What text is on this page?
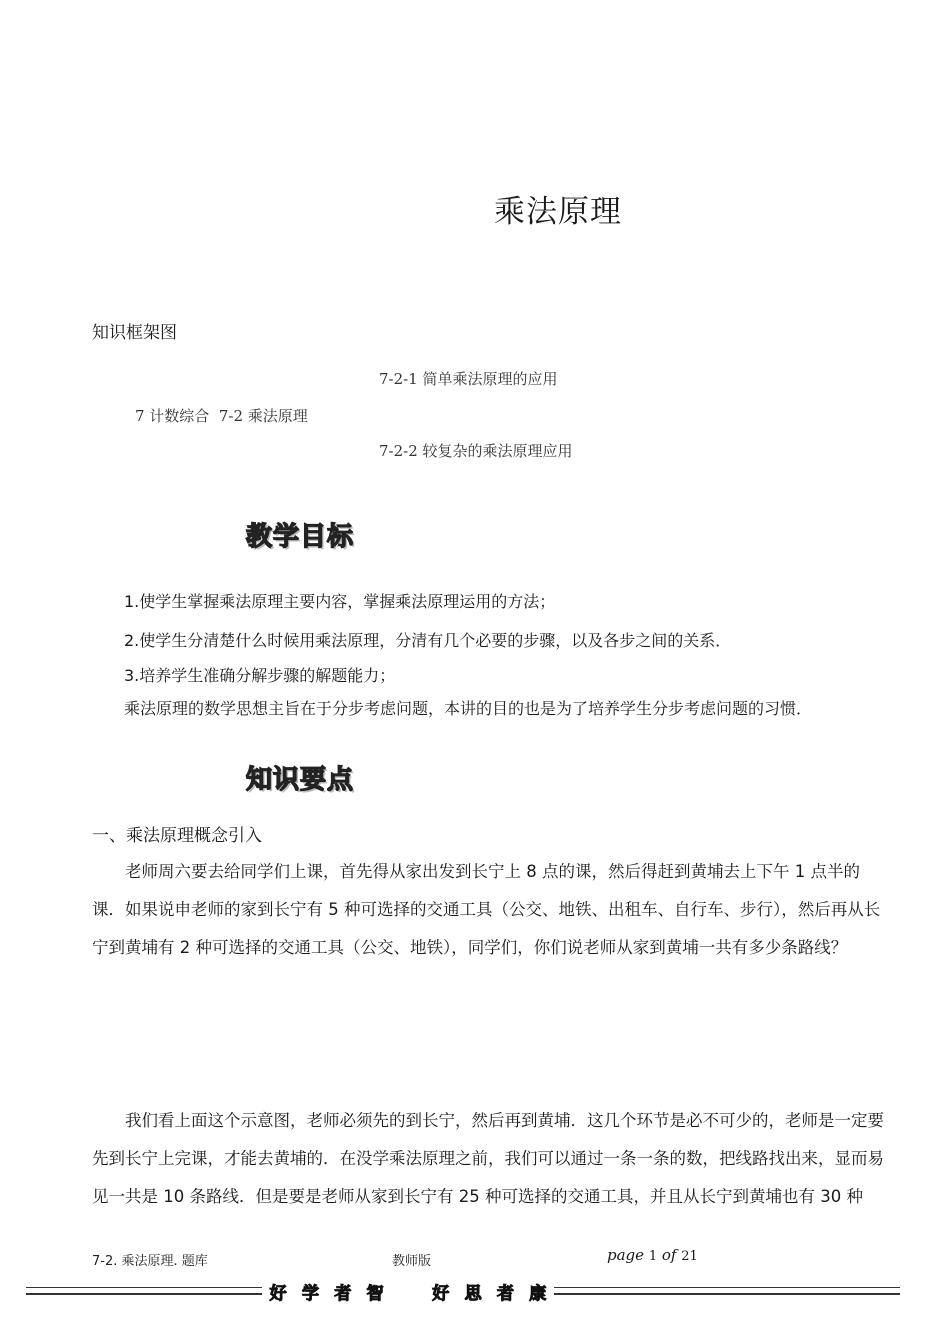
乘法原理
知识框架图
7-2-1 简单乘法原理的应用
7 计数综合  7-2 乘法原理
7-2-2 较复杂的乘法原理应用
教学目标
1.使学生掌握乘法原理主要内容，掌握乘法原理运用的方法；
2.使学生分清楚什么时候用乘法原理，分清有几个必要的步骤，以及各步之间的关系．
3.培养学生准确分解步骤的解题能力；
乘法原理的数学思想主旨在于分步考虑问题，本讲的目的也是为了培养学生分步考虑问题的习惯．
知识要点
一、乘法原理概念引入
老师周六要去给同学们上课，首先得从家出发到长宁上 8 点的课，然后得赶到黄埔去上下午 1 点半的课．如果说申老师的家到长宁有 5 种可选择的交通工具（公交、地铁、出租车、自行车、步行），然后再从长宁到黄埔有 2 种可选择的交通工具（公交、地铁），同学们，你们说老师从家到黄埔一共有多少条路线？
我们看上面这个示意图，老师必须先的到长宁，然后再到黄埔．这几个环节是必不可少的，老师是一定要先到长宁上完课，才能去黄埔的．在没学乘法原理之前，我们可以通过一条一条的数，把线路找出来，显而易见一共是 10 条路线．但是要是老师从家到长宁有 25 种可选择的交通工具，并且从长宁到黄埔也有 30 种
7-2. 乘法原理. 题库	教师版	page 1 of 21
好 学 者 智	好 思 者 康
